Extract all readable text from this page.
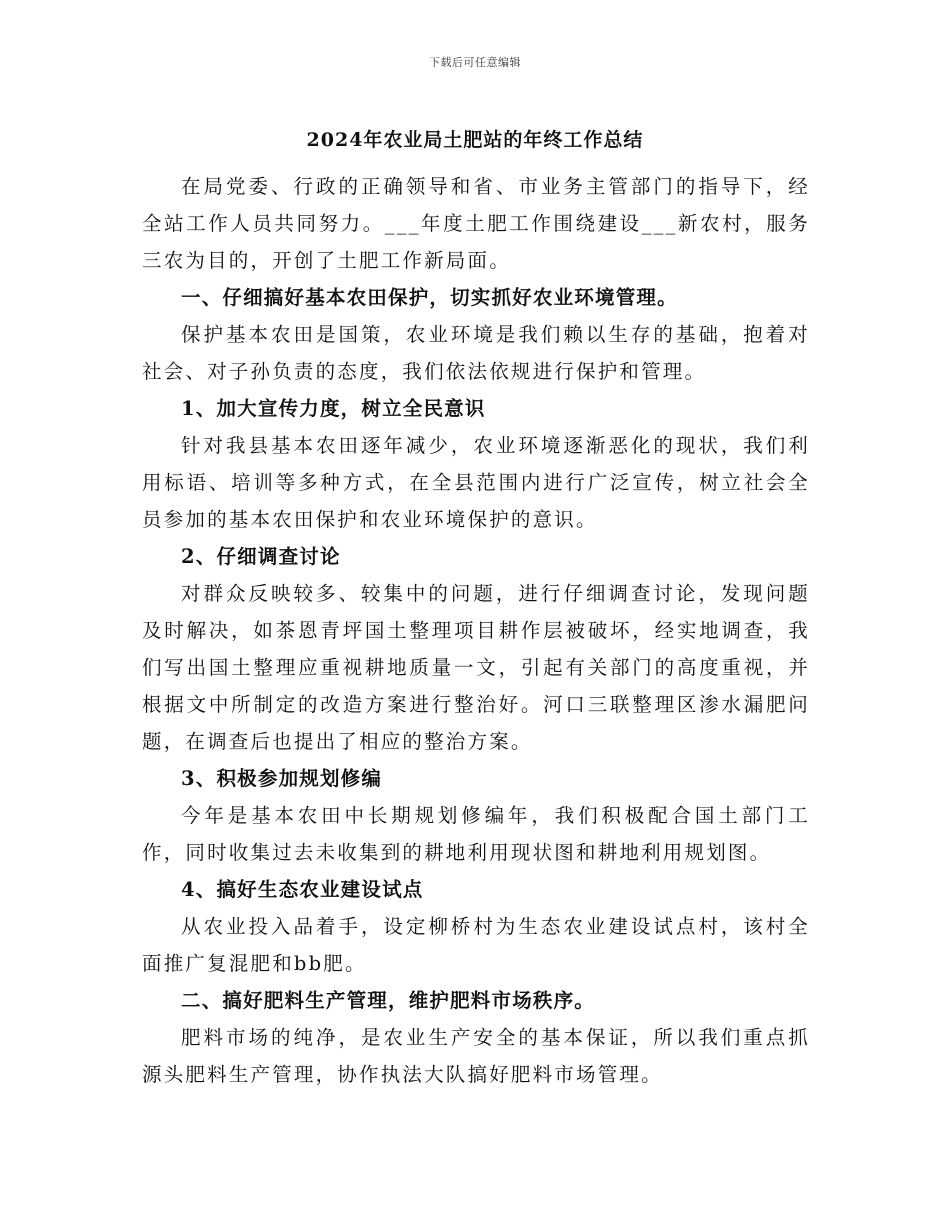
下载后可任意编辑
2024年农业局土肥站的年终工作总结

在局党委、行政的正确领导和省、市业务主管部门的指导下，经全站工作人员共同努力。___年度土肥工作围绕建设___新农村，服务三农为目的，开创了土肥工作新局面。

一、仔细搞好基本农田保护，切实抓好农业环境管理。

保护基本农田是国策，农业环境是我们赖以生存的基础，抱着对社会、对子孙负责的态度，我们依法依规进行保护和管理。

1、加大宣传力度，树立全民意识

针对我县基本农田逐年减少，农业环境逐渐恶化的现状，我们利用标语、培训等多种方式，在全县范围内进行广泛宣传，树立社会全员参加的基本农田保护和农业环境保护的意识。

2、仔细调查讨论

对群众反映较多、较集中的问题，进行仔细调查讨论，发现问题及时解决，如茶恩青坪国土整理项目耕作层被破坏，经实地调查，我们写出国土整理应重视耕地质量一文，引起有关部门的高度重视，并根据文中所制定的改造方案进行整治好。河口三联整理区渗水漏肥问题，在调查后也提出了相应的整治方案。

3、积极参加规划修编

今年是基本农田中长期规划修编年，我们积极配合国土部门工作，同时收集过去未收集到的耕地利用现状图和耕地利用规划图。

4、搞好生态农业建设试点

从农业投入品着手，设定柳桥村为生态农业建设试点村，该村全面推广复混肥和bb肥。

二、搞好肥料生产管理，维护肥料市场秩序。

肥料市场的纯净，是农业生产安全的基本保证，所以我们重点抓源头肥料生产管理，协作执法大队搞好肥料市场管理。
